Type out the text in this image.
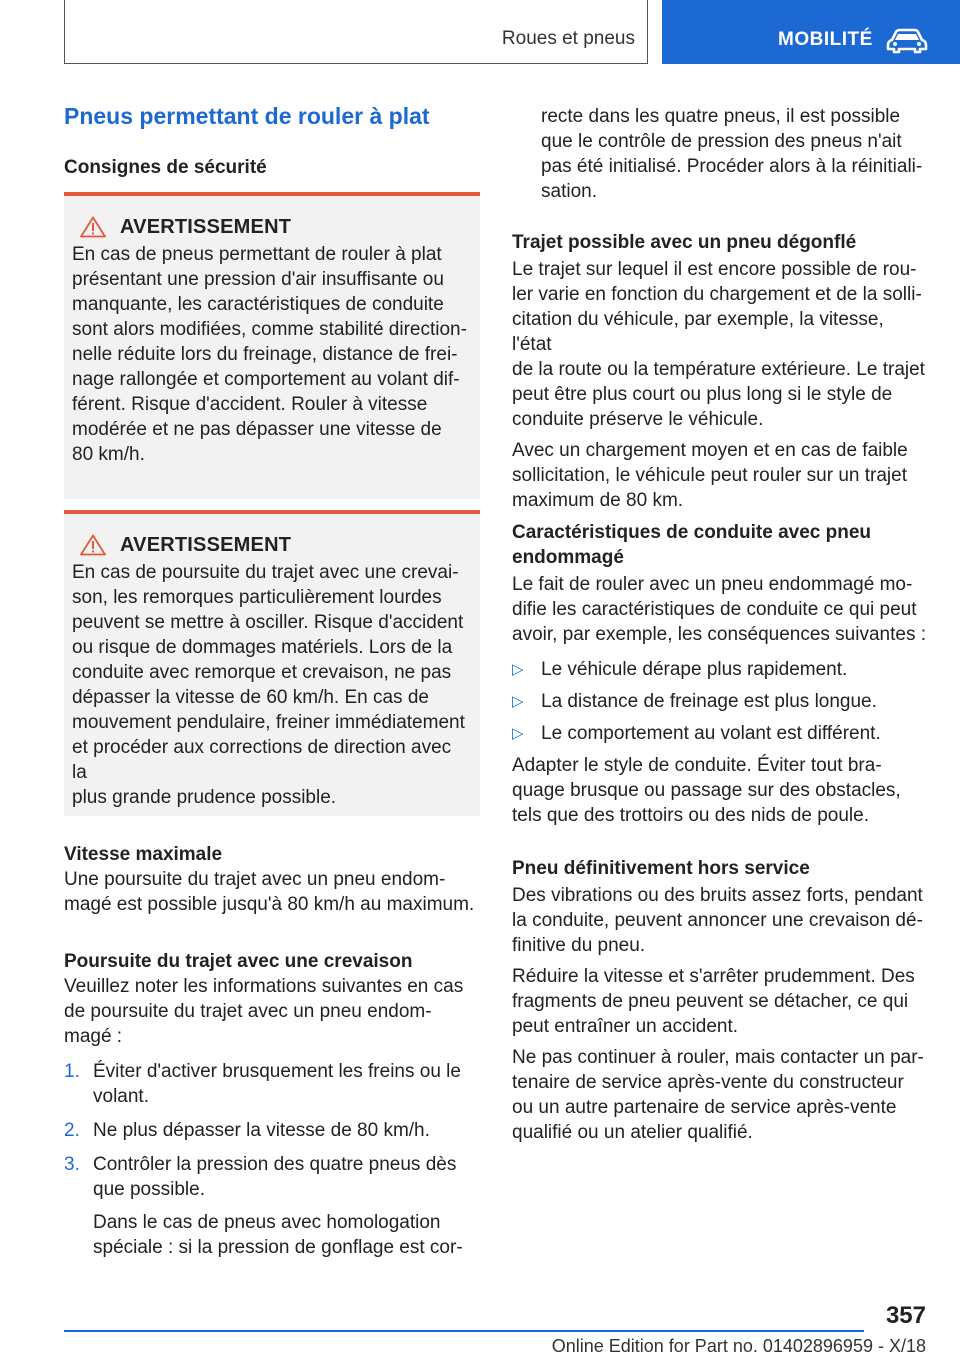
Roues et pneus	MOBILITÉ
Pneus permettant de rouler à plat
Consignes de sécurité
AVERTISSEMENT
En cas de pneus permettant de rouler à plat
présentant une pression d'air insuffisante ou
manquante, les caractéristiques de conduite
sont alors modifiées, comme stabilité direction-
nelle réduite lors du freinage, distance de frei-
nage rallongée et comportement au volant dif-
férent. Risque d'accident. Rouler à vitesse
modérée et ne pas dépasser une vitesse de
80 km/h.
AVERTISSEMENT
En cas de poursuite du trajet avec une crevai-
son, les remorques particulièrement lourdes
peuvent se mettre à osciller. Risque d'accident
ou risque de dommages matériels. Lors de la
conduite avec remorque et crevaison, ne pas
dépasser la vitesse de 60 km/h. En cas de
mouvement pendulaire, freiner immédiatement
et procéder aux corrections de direction avec la
plus grande prudence possible.

Vitesse maximale

Une poursuite du trajet avec un pneu endom-

magé est possible jusqu'à 80 km/h au maximum.

Poursuite du trajet avec une crevaison

Veuillez noter les informations suivantes en cas

de poursuite du trajet avec un pneu endom-

magé :

1. Éviter d'activer brusquement les freins ou le
volant.
2. Ne plus dépasser la vitesse de 80 km/h.
3. Contrôler la pression des quatre pneus dès
que possible.
Dans le cas de pneus avec homologation
spéciale : si la pression de gonflage est cor-

recte dans les quatre pneus, il est possible

que le contrôle de pression des pneus n'ait

pas été initialisé. Procéder alors à la réinitiali-

sation.

Trajet possible avec un pneu dégonflé

Le trajet sur lequel il est encore possible de rou-

ler varie en fonction du chargement et de la solli-

citation du véhicule, par exemple, la vitesse, l'état

de la route ou la température extérieure. Le trajet

peut être plus court ou plus long si le style de

conduite préserve le véhicule.

Avec un chargement moyen et en cas de faible

sollicitation, le véhicule peut rouler sur un trajet

maximum de 80 km.

Caractéristiques de conduite avec pneu

endommagé

Le fait de rouler avec un pneu endommagé mo-

difie les caractéristiques de conduite ce qui peut

avoir, par exemple, les conséquences suivantes :

▷ Le véhicule dérape plus rapidement.
▷ La distance de freinage est plus longue.
▷ Le comportement au volant est différent.

Adapter le style de conduite. Éviter tout bra-

quage brusque ou passage sur des obstacles,

tels que des trottoirs ou des nids de poule.

Pneu définitivement hors service

Des vibrations ou des bruits assez forts, pendant

la conduite, peuvent annoncer une crevaison dé-

finitive du pneu.

Réduire la vitesse et s'arrêter prudemment. Des

fragments de pneu peuvent se détacher, ce qui

peut entraîner un accident.

Ne pas continuer à rouler, mais contacter un par-

tenaire de service après-vente du constructeur

ou un autre partenaire de service après-vente

qualifié ou un atelier qualifié.

357
Online Edition for Part no. 01402896959 - X/18
